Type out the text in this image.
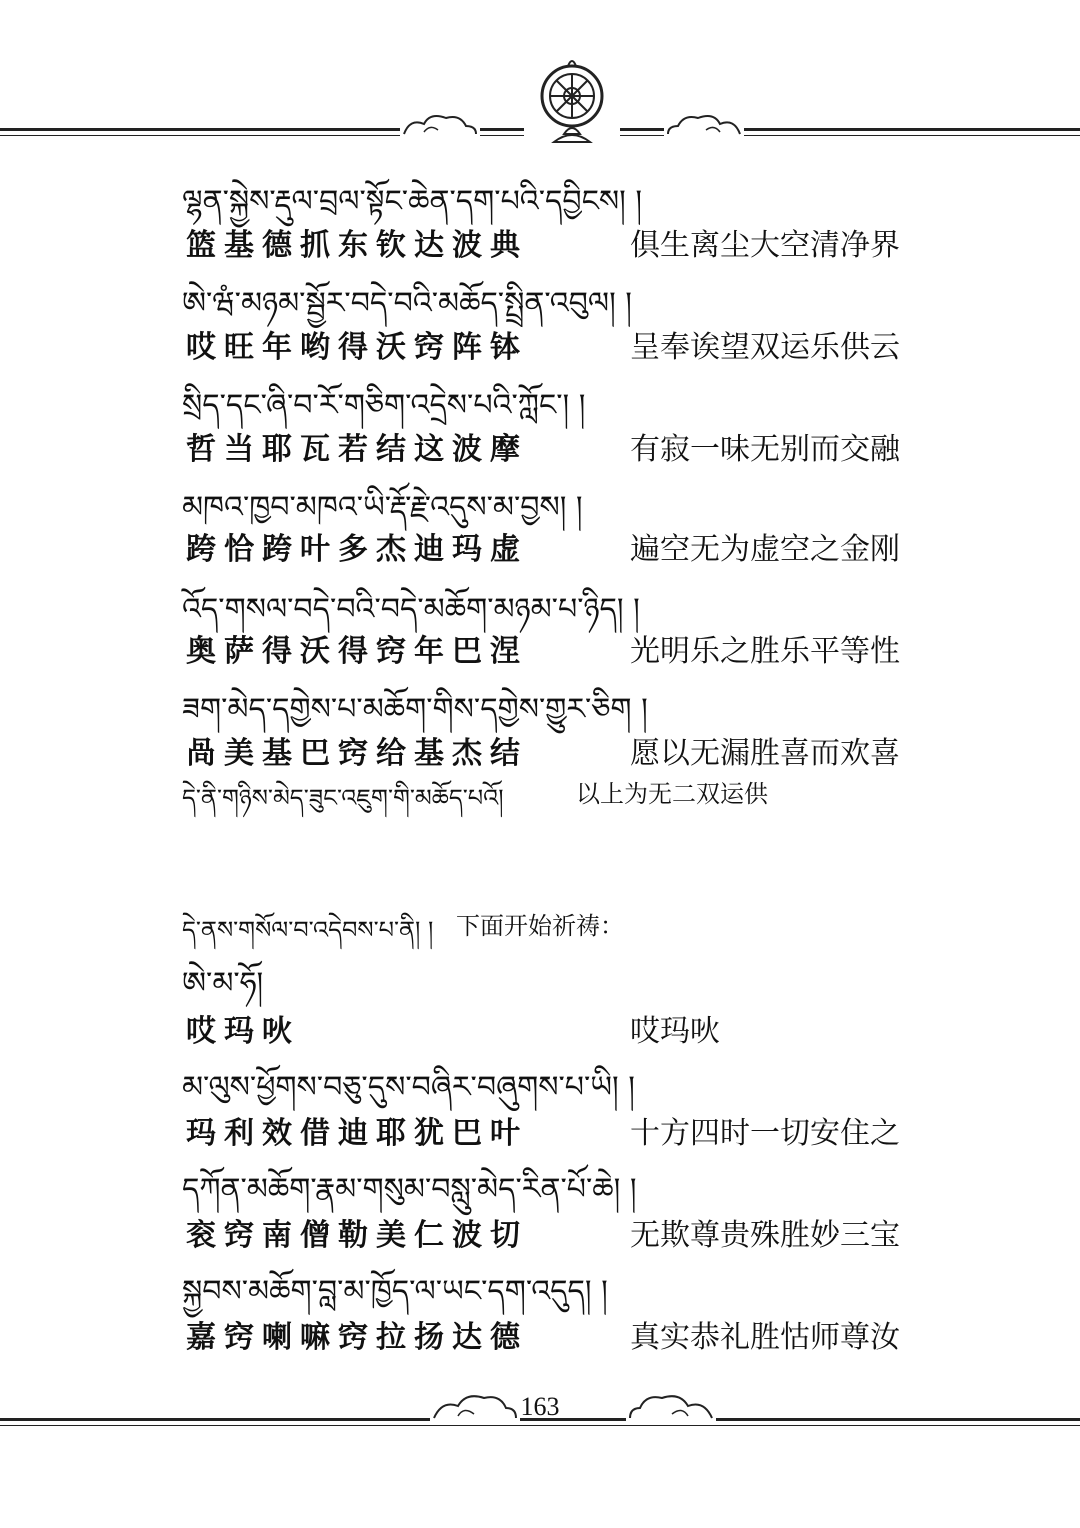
ལྷན་སྐྱེས་རྡུལ་བྲལ་སྟོང་ཆེན་དག་པའི་དབྱིངས། །
篮基德抓东钦达波典	俱生离尘大空清净界
ཨེ་ཝཾ་མཉམ་སྦྱོར་བདེ་བའི་མཆོད་སྤྲིན་འབུལ། །
哎旺年哟得沃窍阵钵	呈奉诶望双运乐供云
སྲིད་དང་ཞི་བ་རོ་གཅིག་འདྲེས་པའི་ཀློང་། །
哲当耶瓦若结这波摩	有寂一味无别而交融
མཁའ་ཁྱབ་མཁའ་ཡི་རྡོ་རྗེ་འདུས་མ་བྱས། །
跨恰跨叶多杰迪玛虚	遍空无为虚空之金刚
འོད་གསལ་བདེ་བའི་བདེ་མཆོག་མཉམ་པ་ཉིད། །
奥萨得沃得窍年巴涅	光明乐之胜乐平等性
ཟག་མེད་དགྱེས་པ་མཆོག་གིས་དགྱེས་གྱུར་ཅིག །
咼美基巴窍给基杰结	愿以无漏胜喜而欢喜
དེ་ནི་གཉིས་མེད་ཟུང་འཇུག་གི་མཆོད་པའོ།	以上为无二双运供
དེ་ནས་གསོལ་བ་འདེབས་པ་ནི། ། 下面开始祈祷：
ཨེ་མ་ཧོ།
哎玛吙	哎玛吙
མ་ལུས་ཕྱོགས་བཅུ་དུས་བཞིར་བཞུགས་པ་ཡི། །
玛利效借迪耶犹巴叶	十方四时一切安住之
དཀོན་མཆོག་རྣམ་གསུམ་བསླུ་མེད་རིན་པོ་ཆེ། །
衮窍南僧勒美仁波切	无欺尊贵殊胜妙三宝
སྐྱབས་མཆོག་བླ་མ་ཁྱོད་ལ་ཡང་དག་འདུད། །
嘉窍喇嘛窍拉扬达德	真实恭礼胜怙师尊汝
163
